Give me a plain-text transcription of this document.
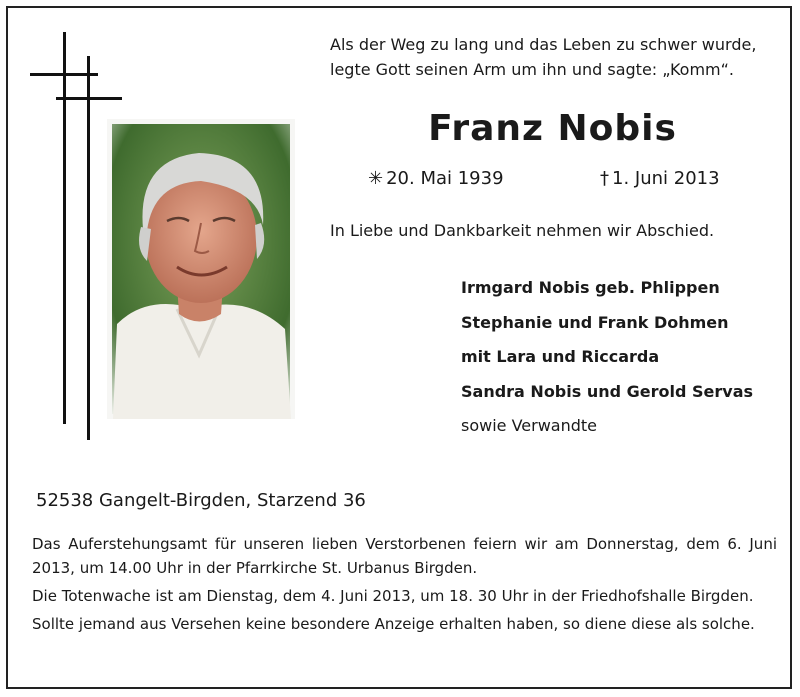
Als der Weg zu lang und das Leben zu schwer wurde,
legte Gott seinen Arm um ihn und sagte: „Komm“.
Franz Nobis
✳ 20. Mai 1939	† 1. Juni 2013
In Liebe und Dankbarkeit nehmen wir Abschied.
Irmgard Nobis geb. Phlippen
Stephanie und Frank Dohmen
mit Lara und Riccarda
Sandra Nobis und Gerold Servas
sowie Verwandte
52538 Gangelt-Birgden, Starzend 36

Das Auferstehungsamt für unseren lieben Verstorbenen feiern wir am Donnerstag, dem 6. Juni 2013, um 14.00 Uhr in der Pfarrkirche St. Urbanus Birgden.

Die Totenwache ist am Dienstag, dem 4. Juni 2013, um 18. 30 Uhr in der Friedhofshalle Birgden.

Sollte jemand aus Versehen keine besondere Anzeige erhalten haben, so diene diese als solche.
